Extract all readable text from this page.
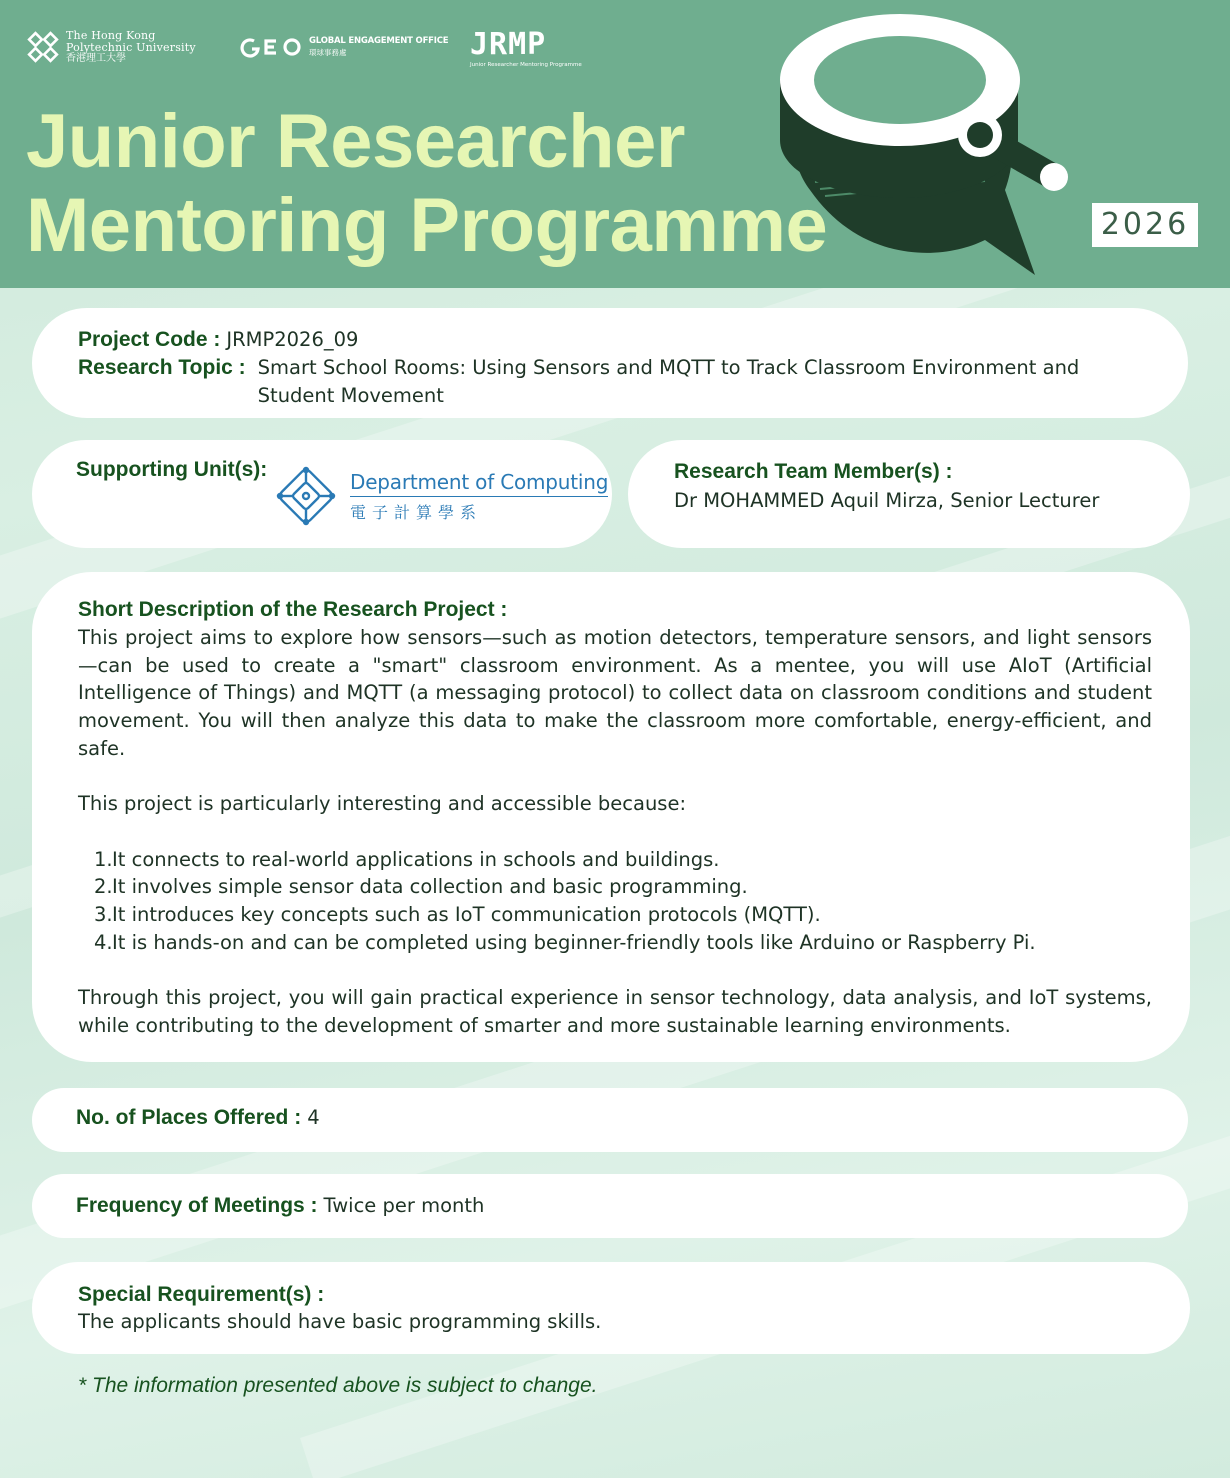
The Hong Kong
Polytechnic University
香港理工大學
GLOBAL ENGAGEMENT OFFICE
環球事務處	JRMP
Junior Researcher Mentoring Programme
Junior Researcher
Mentoring Programme	2026
Project Code : JRMP2026_09
Research Topic : Smart School Rooms: Using Sensors and MQTT to Track Classroom Environment and Student Movement
Supporting Unit(s):	Department of Computing
電子計算學系
Research Team Member(s) :
Dr MOHAMMED Aquil Mirza, Senior Lecturer
Short Description of the Research Project :

This project aims to explore how sensors—such as motion detectors, temperature sensors, and light sensors—can be used to create a "smart" classroom environment. As a mentee, you will use AIoT (Artificial Intelligence of Things) and MQTT (a messaging protocol) to collect data on classroom conditions and student movement. You will then analyze this data to make the classroom more comfortable, energy-efficient, and safe.

This project is particularly interesting and accessible because:

1. It connects to real-world applications in schools and buildings.
2. It involves simple sensor data collection and basic programming.
3. It introduces key concepts such as IoT communication protocols (MQTT).
4. It is hands-on and can be completed using beginner-friendly tools like Arduino or Raspberry Pi.

Through this project, you will gain practical experience in sensor technology, data analysis, and IoT systems, while contributing to the development of smarter and more sustainable learning environments.

No. of Places Offered : 4
Frequency of Meetings : Twice per month
Special Requirement(s) :
The applicants should have basic programming skills.
* The information presented above is subject to change.
